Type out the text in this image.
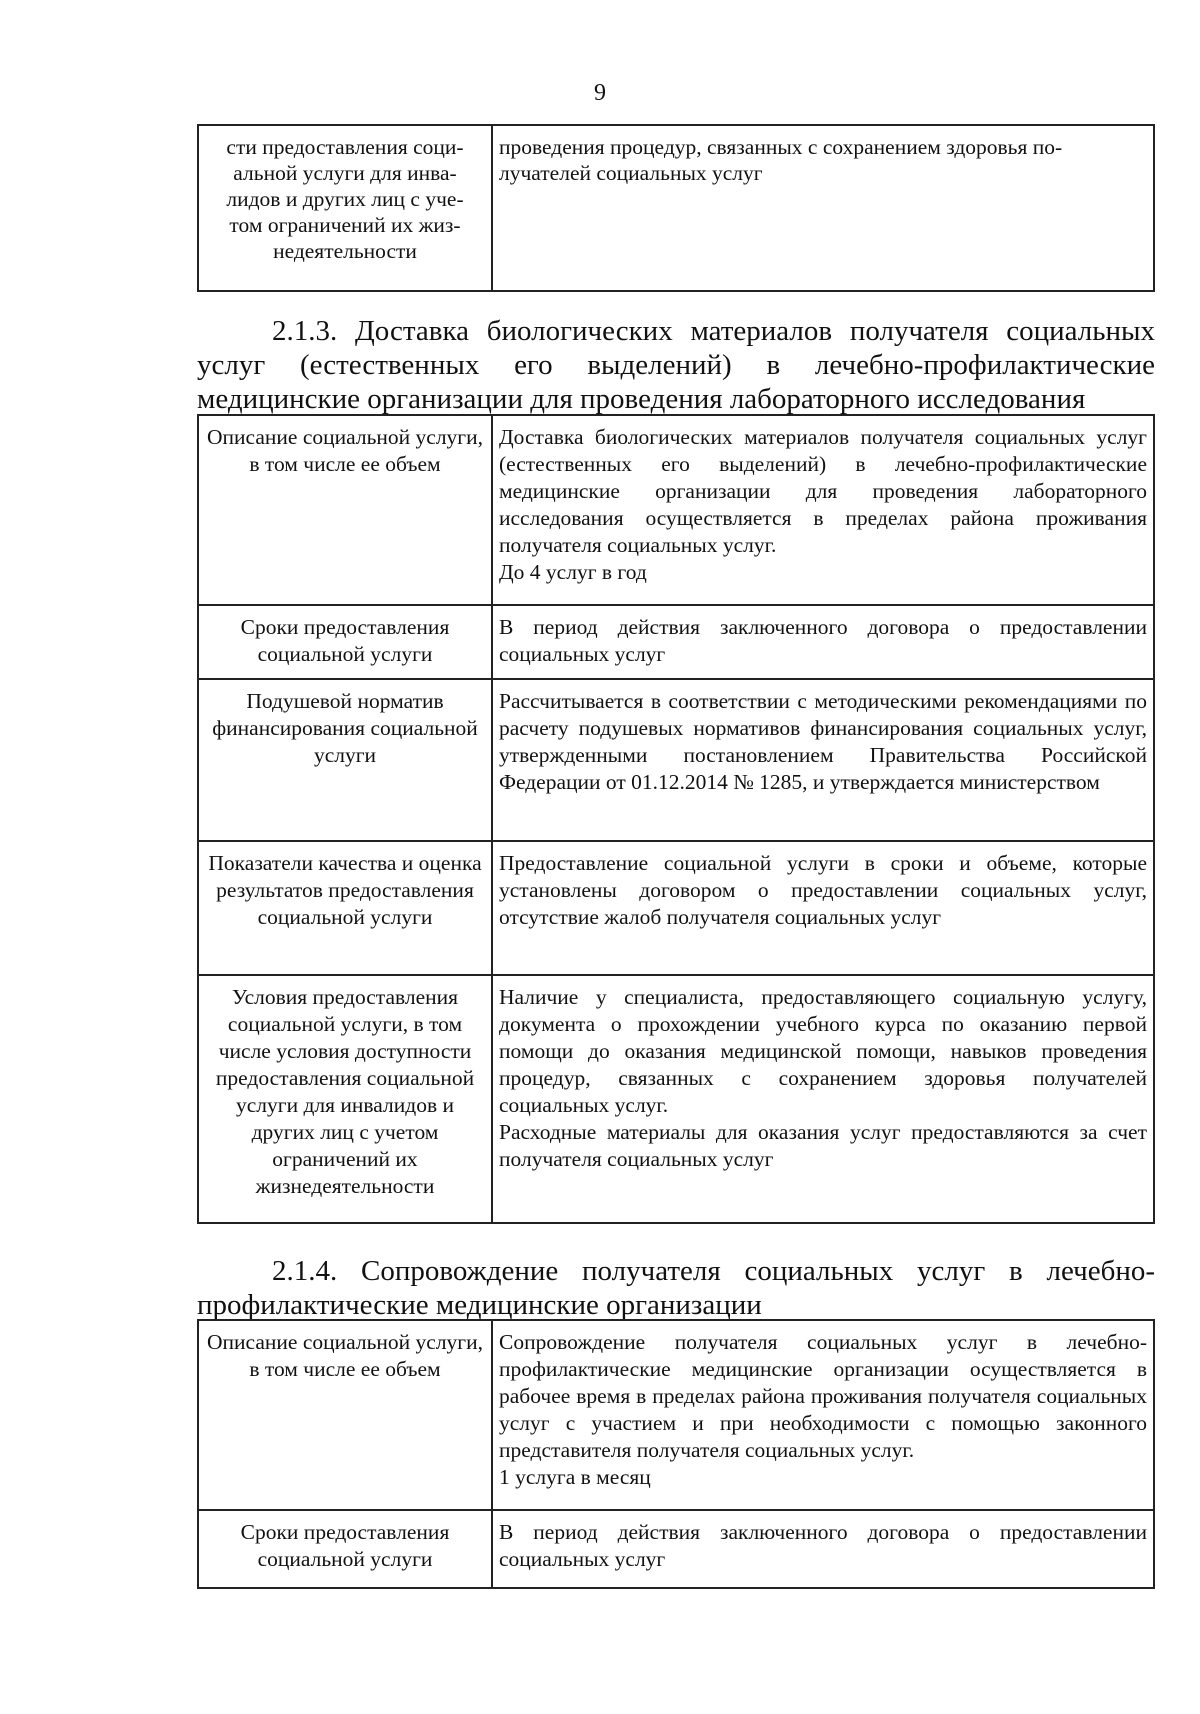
9
сти предоставления соци-
альной услуги для инва-
лидов и других лиц с уче-
том ограничений их жиз-
недеятельности	проведения процедур, связанных с сохранением здоровья по-
лучателей социальных услуг
2.1.3. Доставка биологических материалов получателя социальных услуг (естественных его выделений) в лечебно-профилактические медицинские организации для проведения лабораторного исследования
Описание социальной услуги, в том числе ее объем	Доставка биологических материалов получателя социальных услуг (естественных его выделений) в лечебно-профилактические медицинские организации для проведения лабораторного исследования осуществляется в пределах района проживания получателя социальных услуг.
До 4 услуг в год

Сроки предоставления социальной услуги	В период действия заключенного договора о предоставлении социальных услуг
Подушевой норматив финансирования социальной услуги	Рассчитывается в соответствии с методическими рекомендациями по расчету подушевых нормативов финансирования социальных услуг, утвержденными постановлением Правительства Российской Федерации от 01.12.2014 № 1285, и утверждается министерством
Показатели качества и оценка результатов предоставления социальной услуги	Предоставление социальной услуги в сроки и объеме, которые установлены договором о предоставлении социальных услуг, отсутствие жалоб получателя социальных услуг
Условия предоставления социальной услуги, в том числе условия доступности предоставления социальной услуги для инвалидов и других лиц с учетом ограничений их жизнедеятельности	Наличие у специалиста, предоставляющего социальную услугу, документа о прохождении учебного курса по оказанию первой помощи до оказания медицинской помощи, навыков проведения процедур, связанных с сохранением здоровья получателей социальных услуг.
Расходные материалы для оказания услуг предоставляются за счет получателя социальных услуг
2.1.4. Сопровождение получателя социальных услуг в лечебно-профилактические медицинские организации
Описание социальной услуги, в том числе ее объем	Сопровождение получателя социальных услуг в лечебно-профилактические медицинские организации осуществляется в рабочее время в пределах района проживания получателя социальных услуг с участием и при необходимости с помощью законного представителя получателя социальных услуг.
1 услуга в месяц

Сроки предоставления социальной услуги	В период действия заключенного договора о предоставлении социальных услуг
